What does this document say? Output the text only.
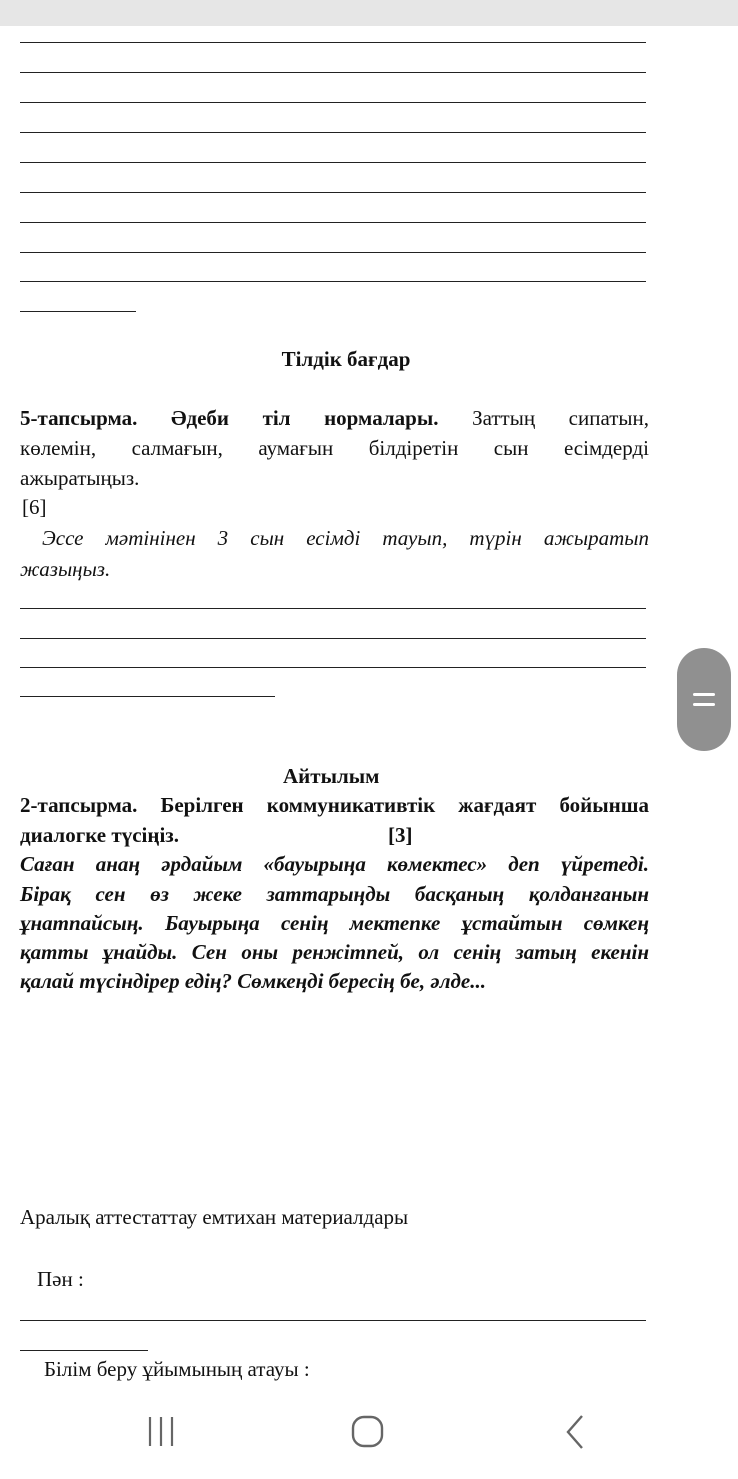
Тілдік бағдар
5-тапсырма. Әдеби тіл нормалары. Заттың сипатын,
көлемін, салмағын, аумағын білдіретін сын есімдерді
ажыратыңыз.
[6]
Эссе мәтінінен 3 сын есімді тауып, түрін ажыратып
жазыңыз.
Айтылым
2-тапсырма. Берілген коммуникативтік жағдаят бойынша
диалогке түсіңіз.	[3]
Саған анаң әрдайым «бауырыңа көмектес» деп үйретеді.
Бірақ сен өз жеке заттарыңды басқаның қолданғанын
ұнатпайсың. Бауырыңа сенің мектепке ұстайтын сөмкең
қатты ұнайды. Сен оны ренжітпей, ол сенің затың екенін
қалай түсіндірер едің? Сөмкеңді бересің бе, әлде...
Аралық аттестаттау емтихан материалдары
Пән :
Білім беру ұйымының атауы :
